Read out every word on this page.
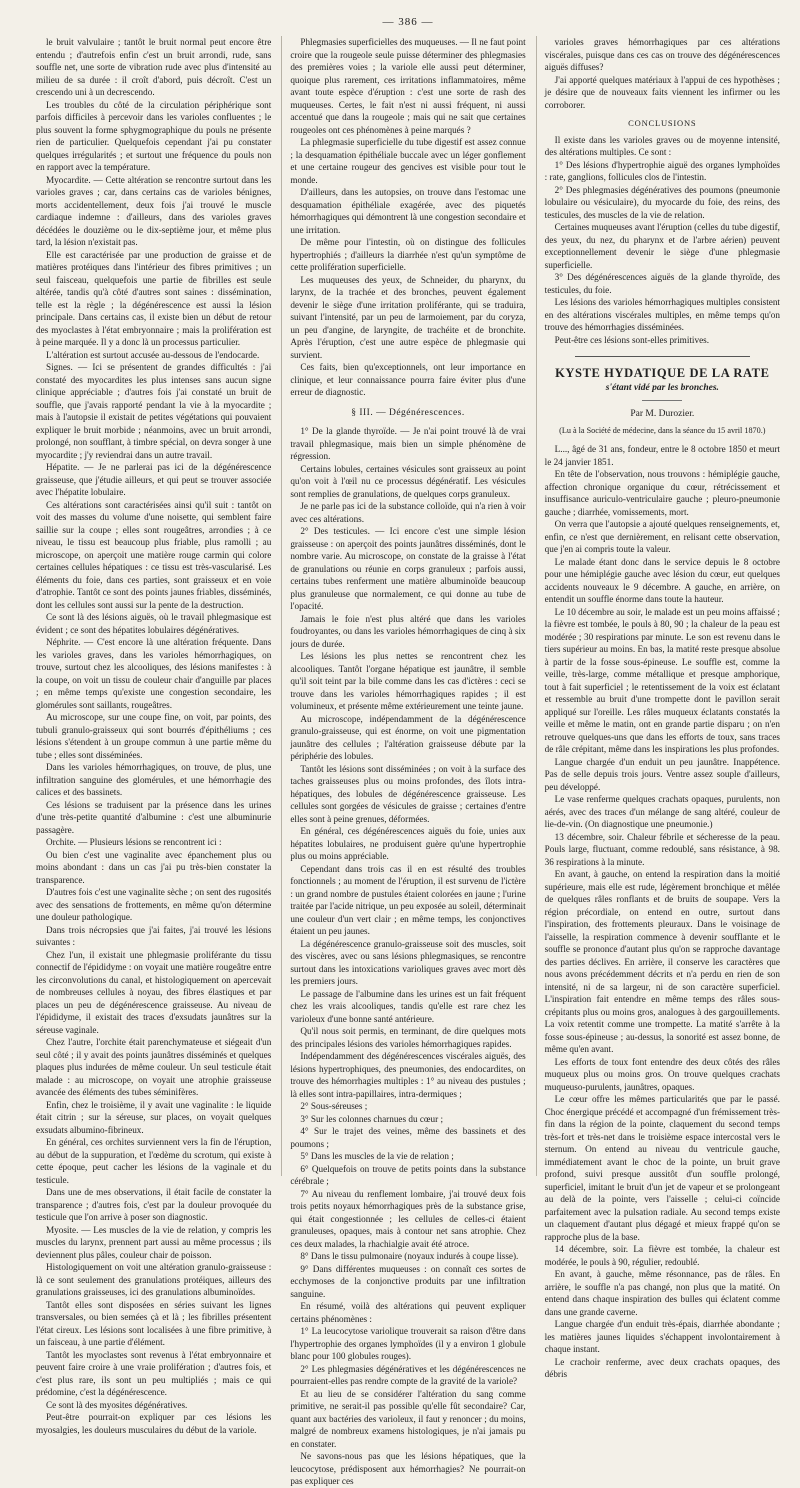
— 386 —

le bruit valvulaire ; tantôt le bruit normal peut encore être entendu ; d'autrefois enfin c'est un bruit arrondi, rude, sans souffle net, une sorte de vibration rude avec plus d'intensité au milieu de sa durée : il croît d'abord, puis décroît. C'est un crescendo uni à un decrescendo.

Les troubles du côté de la circulation périphérique sont parfois difficiles à percevoir dans les varioles confluentes ; le plus souvent la forme sphygmographique du pouls ne présente rien de particulier. Quelquefois cependant j'ai pu constater quelques irrégularités ; et surtout une fréquence du pouls non en rapport avec la température.

Myocardite. — Cette altération se rencontre surtout dans les varioles graves ; car, dans certains cas de varioles bénignes, morts accidentellement, deux fois j'ai trouvé le muscle cardiaque indemne : d'ailleurs, dans des varioles graves décédées le douzième ou le dix-septième jour, et même plus tard, la lésion n'existait pas.

Elle est caractérisée par une production de graisse et de matières protéiques dans l'intérieur des fibres primitives ; un seul faisceau, quelquefois une partie de fibrilles est seule altérée, tandis qu'à côté d'autres sont saines : dissémination, telle est la règle ; la dégénérescence est aussi la lésion principale. Dans certains cas, il existe bien un début de retour des myoclastes à l'état embryonnaire ; mais la prolifération est à peine marquée. Il y a donc là un processus particulier.

L'altération est surtout accusée au-dessous de l'endocarde.

Signes. — Ici se présentent de grandes difficultés : j'ai constaté des myocardites les plus intenses sans aucun signe clinique appréciable ; d'autres fois j'ai constaté un bruit de souffle, que j'avais rapporté pendant la vie à la myocardite ; mais à l'autopsie il existait de petites végétations qui pouvaient expliquer le bruit morbide ; néanmoins, avec un bruit arrondi, prolongé, non soufflant, à timbre spécial, on devra songer à une myocardite ; j'y reviendrai dans un autre travail.

Hépatite. — Je ne parlerai pas ici de la dégénérescence graisseuse, que j'étudie ailleurs, et qui peut se trouver associée avec l'hépatite lobulaire.

Ces altérations sont caractérisées ainsi qu'il suit : tantôt on voit des masses du volume d'une noisette, qui semblent faire saillie sur la coupe ; elles sont rougeâtres, arrondies ; à ce niveau, le tissu est beaucoup plus friable, plus ramolli ; au microscope, on aperçoit une matière rouge carmin qui colore certaines cellules hépatiques : ce tissu est très-vascularisé. Les éléments du foie, dans ces parties, sont graisseux et en voie d'atrophie. Tantôt ce sont des points jaunes friables, disséminés, dont les cellules sont aussi sur la pente de la destruction.

Ce sont là des lésions aiguës, où le travail phlegmasique est évident ; ce sont des hépatites lobulaires dégénératives.

Néphrite. — C'est encore là une altération fréquente. Dans les varioles graves, dans les varioles hémorrhagiques, on trouve, surtout chez les alcooliques, des lésions manifestes : à la coupe, on voit un tissu de couleur chair d'anguille par places ; en même temps qu'existe une congestion secondaire, les glomérules sont saillants, rougeâtres.

Au microscope, sur une coupe fine, on voit, par points, des tubuli granulo-graisseux qui sont bourrés d'épithéliums ; ces lésions s'étendent à un groupe commun à une partie même du tube ; elles sont disséminées.

Dans les varioles hémorrhagiques, on trouve, de plus, une infiltration sanguine des glomérules, et une hémorrhagie des calices et des bassinets.

Ces lésions se traduisent par la présence dans les urines d'une très-petite quantité d'albumine : c'est une albuminurie passagère.

Orchite. — Plusieurs lésions se rencontrent ici :

Ou bien c'est une vaginalite avec épanchement plus ou moins abondant : dans un cas j'ai pu très-bien constater la transparence.

D'autres fois c'est une vaginalite sèche ; on sent des rugosités avec des sensations de frottements, en même qu'on détermine une douleur pathologique.

Dans trois nécropsies que j'ai faites, j'ai trouvé les lésions suivantes :

Chez l'un, il existait une phlegmasie proliférante du tissu connectif de l'épididyme : on voyait une matière rougeâtre entre les circonvolutions du canal, et histologiquement on apercevait de nombreuses cellules à noyau, des fibres élastiques et par places un peu de dégénérescence graisseuse. Au niveau de l'épididyme, il existait des traces d'exsudats jaunâtres sur la séreuse vaginale.

Chez l'autre, l'orchite était parenchymateuse et siégeait d'un seul côté ; il y avait des points jaunâtres disséminés et quelques plaques plus indurées de même couleur. Un seul testicule était malade : au microscope, on voyait une atrophie graisseuse avancée des éléments des tubes séminifères.

Enfin, chez le troisième, il y avait une vaginalite : le liquide était citrin ; sur la séreuse, sur places, on voyait quelques exsudats albumino-fibrineux.

En général, ces orchites surviennent vers la fin de l'éruption, au début de la suppuration, et l'œdème du scrotum, qui existe à cette époque, peut cacher les lésions de la vaginale et du testicule.

Dans une de mes observations, il était facile de constater la transparence ; d'autres fois, c'est par la douleur provoquée du testicule que l'on arrive à poser son diagnostic.

Myosite. — Les muscles de la vie de relation, y compris les muscles du larynx, prennent part aussi au même processus ; ils deviennent plus pâles, couleur chair de poisson.

Histologiquement on voit une altération granulo-graisseuse : là ce sont seulement des granulations protéiques, ailleurs des granulations graisseuses, ici des granulations albuminoïdes.

Tantôt elles sont disposées en séries suivant les lignes transversales, ou bien semées çà et là ; les fibrilles présentent l'état cireux. Les lésions sont localisées à une fibre primitive, à un faisceau, à une partie d'élément.

Tantôt les myoclastes sont revenus à l'état embryonnaire et peuvent faire croire à une vraie prolifération ; d'autres fois, et c'est plus rare, ils sont un peu multipliés ; mais ce qui prédomine, c'est la dégénérescence.

Ce sont là des myosites dégénératives.

Peut-être pourrait-on expliquer par ces lésions les myosalgies, les douleurs musculaires du début de la variole.

Phlegmasies superficielles des muqueuses. — Il ne faut point croire que la rougeole seule puisse déterminer des phlegmasies des premières voies ; la variole elle aussi peut déterminer, quoique plus rarement, ces irritations inflammatoires, même avant toute espèce d'éruption : c'est une sorte de rash des muqueuses. Certes, le fait n'est ni aussi fréquent, ni aussi accentué que dans la rougeole ; mais qui ne sait que certaines rougeoles ont ces phénomènes à peine marqués ?

La phlegmasie superficielle du tube digestif est assez connue ; la desquamation épithéliale buccale avec un léger gonflement et une certaine rougeur des gencives est visible pour tout le monde.

D'ailleurs, dans les autopsies, on trouve dans l'estomac une desquamation épithéliale exagérée, avec des piquetés hémorrhagiques qui démontrent là une congestion secondaire et une irritation.

De même pour l'intestin, où on distingue des follicules hypertrophiés ; d'ailleurs la diarrhée n'est qu'un symptôme de cette prolifération superficielle.

Les muqueuses des yeux, de Schneider, du pharynx, du larynx, de la trachée et des bronches, peuvent également devenir le siège d'une irritation proliférante, qui se traduira, suivant l'intensité, par un peu de larmoiement, par du coryza, un peu d'angine, de laryngite, de trachéite et de bronchite. Après l'éruption, c'est une autre espèce de phlegmasie qui survient.

Ces faits, bien qu'exceptionnels, ont leur importance en clinique, et leur connaissance pourra faire éviter plus d'une erreur de diagnostic.

§ III. — Dégénérescences.

1° De la glande thyroïde. — Je n'ai point trouvé là de vrai travail phlegmasique, mais bien un simple phénomène de régression.

Certains lobules, certaines vésicules sont graisseux au point qu'on voit à l'œil nu ce processus dégénératif. Les vésicules sont remplies de granulations, de quelques corps granuleux.

Je ne parle pas ici de la substance colloïde, qui n'a rien à voir avec ces altérations.

2° Des testicules. — Ici encore c'est une simple lésion graisseuse : on aperçoit des points jaunâtres disséminés, dont le nombre varie. Au microscope, on constate de la graisse à l'état de granulations ou réunie en corps granuleux ; parfois aussi, certains tubes renferment une matière albuminoïde beaucoup plus granuleuse que normalement, ce qui donne au tube de l'opacité.

Jamais le foie n'est plus altéré que dans les varioles foudroyantes, ou dans les varioles hémorrhagiques de cinq à six jours de durée.

Les lésions les plus nettes se rencontrent chez les alcooliques. Tantôt l'organe hépatique est jaunâtre, il semble qu'il soit teint par la bile comme dans les cas d'ictères : ceci se trouve dans les varioles hémorrhagiques rapides ; il est volumineux, et présente même extérieurement une teinte jaune.

Au microscope, indépendamment de la dégénérescence granulo-graisseuse, qui est énorme, on voit une pigmentation jaunâtre des cellules ; l'altération graisseuse débute par la périphérie des lobules.

Tantôt les lésions sont disséminées ; on voit à la surface des taches graisseuses plus ou moins profondes, des îlots intra-hépatiques, des lobules de dégénérescence graisseuse. Les cellules sont gorgées de vésicules de graisse ; certaines d'entre elles sont à peine grenues, déformées.

En général, ces dégénérescences aiguës du foie, unies aux hépatites lobulaires, ne produisent guère qu'une hypertrophie plus ou moins appréciable.

Cependant dans trois cas il en est résulté des troubles fonctionnels ; au moment de l'éruption, il est survenu de l'ictère : un grand nombre de pustules étaient colorées en jaune ; l'urine traitée par l'acide nitrique, un peu exposée au soleil, déterminait une couleur d'un vert clair ; en même temps, les conjonctives étaient un peu jaunes.

La dégénérescence granulo-graisseuse soit des muscles, soit des viscères, avec ou sans lésions phlegmasiques, se rencontre surtout dans les intoxications varioliques graves avec mort dès les premiers jours.

Le passage de l'albumine dans les urines est un fait fréquent chez les vrais alcooliques, tandis qu'elle est rare chez les varioleux d'une bonne santé antérieure.

Qu'il nous soit permis, en terminant, de dire quelques mots des principales lésions des varioles hémorrhagiques rapides.

Indépendamment des dégénérescences viscérales aiguës, des lésions hypertrophiques, des pneumonies, des endocardites, on trouve des hémorrhagies multiples : 1° au niveau des pustules ; là elles sont intra-papillaires, intra-dermiques ;

2° Sous-séreuses ;

3° Sur les colonnes charnues du cœur ;

4° Sur le trajet des veines, même des bassinets et des poumons ;

5° Dans les muscles de la vie de relation ;

6° Quelquefois on trouve de petits points dans la substance cérébrale ;

7° Au niveau du renflement lombaire, j'ai trouvé deux fois trois petits noyaux hémorrhagiques près de la substance grise, qui était congestionnée ; les cellules de celles-ci étaient granuleuses, opaques, mais à contour net sans atrophie. Chez ces deux malades, la rhachialgie avait été atroce.

8° Dans le tissu pulmonaire (noyaux indurés à coupe lisse).

9° Dans différentes muqueuses : on connaît ces sortes de ecchymoses de la conjonctive produits par une infiltration sanguine.

En résumé, voilà des altérations qui peuvent expliquer certains phénomènes :

1° La leucocytose variolique trouverait sa raison d'être dans l'hypertrophie des organes lymphoïdes (il y a environ 1 globule blanc pour 100 globules rouges).

2° Les phlegmasies dégénératives et les dégénérescences ne pourraient-elles pas rendre compte de la gravité de la variole?

Et au lieu de se considérer l'altération du sang comme primitive, ne serait-il pas possible qu'elle fût secondaire? Car, quant aux bactéries des varioleux, il faut y renoncer ; du moins, malgré de nombreux examens histologiques, je n'ai jamais pu en constater.

Ne savons-nous pas que les lésions hépatiques, que la leucocytose, prédisposent aux hémorrhagies? Ne pourrait-on pas expliquer ces

varioles graves hémorrhagiques par ces altérations viscérales, puisque dans ces cas on trouve des dégénérescences aiguës diffuses?

J'ai apporté quelques matériaux à l'appui de ces hypothèses ; je désire que de nouveaux faits viennent les infirmer ou les corroborer.

CONCLUSIONS

Il existe dans les varioles graves ou de moyenne intensité, des altérations multiples. Ce sont :

1° Des lésions d'hypertrophie aiguë des organes lymphoïdes : rate, ganglions, follicules clos de l'intestin.

2° Des phlegmasies dégénératives des poumons (pneumonie lobulaire ou vésiculaire), du myocarde du foie, des reins, des testicules, des muscles de la vie de relation.

Certaines muqueuses avant l'éruption (celles du tube digestif, des yeux, du nez, du pharynx et de l'arbre aérien) peuvent exceptionnellement devenir le siège d'une phlegmasie superficielle.

3° Des dégénérescences aiguës de la glande thyroïde, des testicules, du foie.

Les lésions des varioles hémorrhagiques multiples consistent en des altérations viscérales multiples, en même temps qu'on trouve des hémorrhagies disséminées.

Peut-être ces lésions sont-elles primitives.

KYSTE HYDATIQUE DE LA RATE
s'étant vidé par les bronches.
Par M. Durozier.
(Lu à la Société de médecine, dans la séance du 15 avril 1870.)

L..., âgé de 31 ans, fondeur, entre le 8 octobre 1850 et meurt le 24 janvier 1851.

En tête de l'observation, nous trouvons : hémiplégie gauche, affection chronique organique du cœur, rétrécissement et insuffisance auriculo-ventriculaire gauche ; pleuro-pneumonie gauche ; diarrhée, vomissements, mort.

On verra que l'autopsie a ajouté quelques renseignements, et, enfin, ce n'est que dernièrement, en relisant cette observation, que j'en ai compris toute la valeur.

Le malade étant donc dans le service depuis le 8 octobre pour une hémiplégie gauche avec lésion du cœur, eut quelques accidents nouveaux le 9 décembre. A gauche, en arrière, on entendit un souffle énorme dans toute la hauteur.

Le 10 décembre au soir, le malade est un peu moins affaissé ; la fièvre est tombée, le pouls à 80, 90 ; la chaleur de la peau est modérée ; 30 respirations par minute. Le son est revenu dans le tiers supérieur au moins. En bas, la matité reste presque absolue à partir de la fosse sous-épineuse. Le souffle est, comme la veille, très-large, comme métallique et presque amphorique, tout à fait superficiel ; le retentissement de la voix est éclatant et ressemble au bruit d'une trompette dont le pavillon serait appliqué sur l'oreille. Les râles muqueux éclatants constatés la veille et même le matin, ont en grande partie disparu ; on n'en retrouve quelques-uns que dans les efforts de toux, sans traces de râle crépitant, même dans les inspirations les plus profondes.

Langue chargée d'un enduit un peu jaunâtre. Inappétence. Pas de selle depuis trois jours. Ventre assez souple d'ailleurs, peu développé.

Le vase renferme quelques crachats opaques, purulents, non aérés, avec des traces d'un mélange de sang altéré, couleur de lie-de-vin. (On diagnostique une pneumonie.)

13 décembre, soir. Chaleur fébrile et sécheresse de la peau. Pouls large, fluctuant, comme redoublé, sans résistance, à 98. 36 respirations à la minute.

En avant, à gauche, on entend la respiration dans la moitié supérieure, mais elle est rude, légèrement bronchique et mêlée de quelques râles ronflants et de bruits de soupape. Vers la région précordiale, on entend en outre, surtout dans l'inspiration, des frottements pleuraux. Dans le voisinage de l'aisselle, la respiration commence à devenir soufflante et le souffle se prononce d'autant plus qu'on se rapproche davantage des parties déclives. En arrière, il conserve les caractères que nous avons précédemment décrits et n'a perdu en rien de son intensité, ni de sa largeur, ni de son caractère superficiel. L'inspiration fait entendre en même temps des râles sous-crépitants plus ou moins gros, analogues à des gargouillements. La voix retentit comme une trompette. La matité s'arrête à la fosse sous-épineuse ; au-dessus, la sonorité est assez bonne, de même qu'en avant.

Les efforts de toux font entendre des deux côtés des râles muqueux plus ou moins gros. On trouve quelques crachats muqueuso-purulents, jaunâtres, opaques.

Le cœur offre les mêmes particularités que par le passé. Choc énergique précédé et accompagné d'un frémissement très-fin dans la région de la pointe, claquement du second temps très-fort et très-net dans le troisième espace intercostal vers le sternum. On entend au niveau du ventricule gauche, immédiatement avant le choc de la pointe, un bruit grave profond, suivi presque aussitôt d'un souffle prolongé, superficiel, imitant le bruit d'un jet de vapeur et se prolongeant au delà de la pointe, vers l'aisselle ; celui-ci coïncide parfaitement avec la pulsation radiale. Au second temps existe un claquement d'autant plus dégagé et mieux frappé qu'on se rapproche plus de la base.

14 décembre, soir. La fièvre est tombée, la chaleur est modérée, le pouls à 90, régulier, redoublé.

En avant, à gauche, même résonnance, pas de râles. En arrière, le souffle n'a pas changé, non plus que la matité. On entend dans chaque inspiration des bulles qui éclatent comme dans une grande caverne.

Langue chargée d'un enduit très-épais, diarrhée abondante ; les matières jaunes liquides s'échappent involontairement à chaque instant.

Le crachoir renferme, avec deux crachats opaques, des débris
